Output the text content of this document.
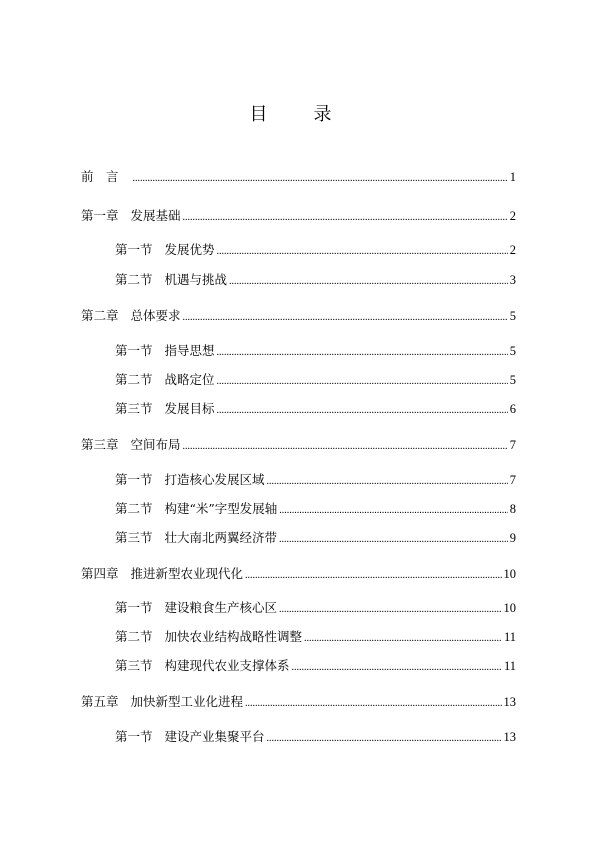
目　录
前　言 .....	1
第一章 发展基础 .....	2
第一节 发展优势 .....	2
第二节 机遇与挑战 .....	3
第二章 总体要求 .....	5
第一节 指导思想 .....	5
第二节 战略定位 .....	5
第三节 发展目标 .....	6
第三章 空间布局 .....	7
第一节 打造核心发展区域 .....	7
第二节 构建“米”字型发展轴 .....	8
第三节 壮大南北两翼经济带 .....	9
第四章 推进新型农业现代化 .....	10
第一节 建设粮食生产核心区 .....	10
第二节 加快农业结构战略性调整 .....	11
第三节 构建现代农业支撑体系 .....	11
第五章 加快新型工业化进程 .....	13
第一节 建设产业集聚平台 .....	13
